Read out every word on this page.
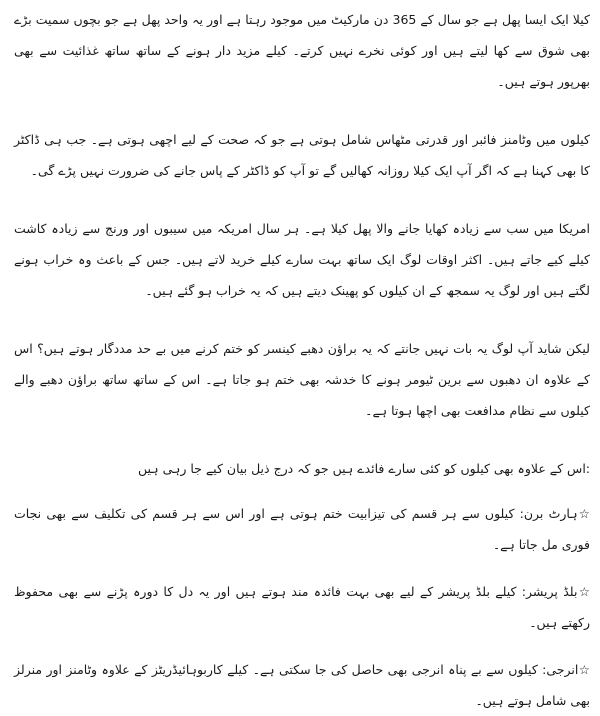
کیلا ایک ایسا پھل ہے جو سال کے 365 دن مارکیٹ میں موجود رہتا ہے اور یہ واحد پھل ہے جو بچوں سمیت بڑے بھی شوق سے کھا لیتے ہیں اور کوئی نخرے نہیں کرتے۔ کیلے مزید دار ہونے کے ساتھ ساتھ غذائیت سے بھی بھرپور ہوتے ہیں۔

کیلوں میں وٹامنز فائبر اور قدرتی مٹھاس شامل ہوتی ہے جو کہ صحت کے لیے اچھی ہوتی ہے۔ جب ہی ڈاکٹر کا بھی کہنا ہے کہ اگر آپ ایک کیلا روزانہ کھالیں گے تو آپ کو ڈاکٹر کے پاس جانے کی ضرورت نہیں پڑے گی۔

امریکا میں سب سے زیادہ کھایا جانے والا پھل کیلا ہے۔ ہر سال امریکہ میں سیبوں اور ورنج سے زیادہ کاشت کیلے کیے جاتے ہیں۔ اکثر اوقات لوگ ایک ساتھ بہت سارے کیلے خرید لاتے ہیں۔ جس کے باعث وہ خراب ہونے لگتے ہیں اور لوگ یہ سمجھ کے ان کیلوں کو پھینک دیتے ہیں کہ یہ خراب ہو گئے ہیں۔

لیکن شاید آپ لوگ یہ بات نہیں جانتے کہ یہ براؤن دھبے کینسر کو ختم کرنے میں بے حد مددگار ہوتے ہیں؟ اس کے علاوہ ان دھبوں سے برین ٹیومر ہونے کا خدشہ بھی ختم ہو جاتا ہے۔ اس کے ساتھ ساتھ براؤن دھبے والے کیلوں سے نظام مدافعت بھی اچھا ہوتا ہے۔

:اس کے علاوہ بھی کیلوں کو کئی سارے فائدے ہیں جو کہ درج ذیل بیان کیے جا رہی ہیں

☆ہارٹ برن: کیلوں سے ہر قسم کی تیزابیت ختم ہوتی ہے اور اس سے ہر قسم کی تکلیف سے بھی نجات فوری مل جاتا ہے۔

☆بلڈ پریشر: کیلے بلڈ پریشر کے لیے بھی بہت فائدہ مند ہوتے ہیں اور یہ دل کا دورہ پڑنے سے بھی محفوظ رکھتے ہیں۔

☆انرجی: کیلوں سے بے پناہ انرجی بھی حاصل کی جا سکتی ہے۔ کیلے کاربوہائیڈریٹز کے علاوہ وٹامنز اور منرلز بھی شامل ہوتے ہیں۔
